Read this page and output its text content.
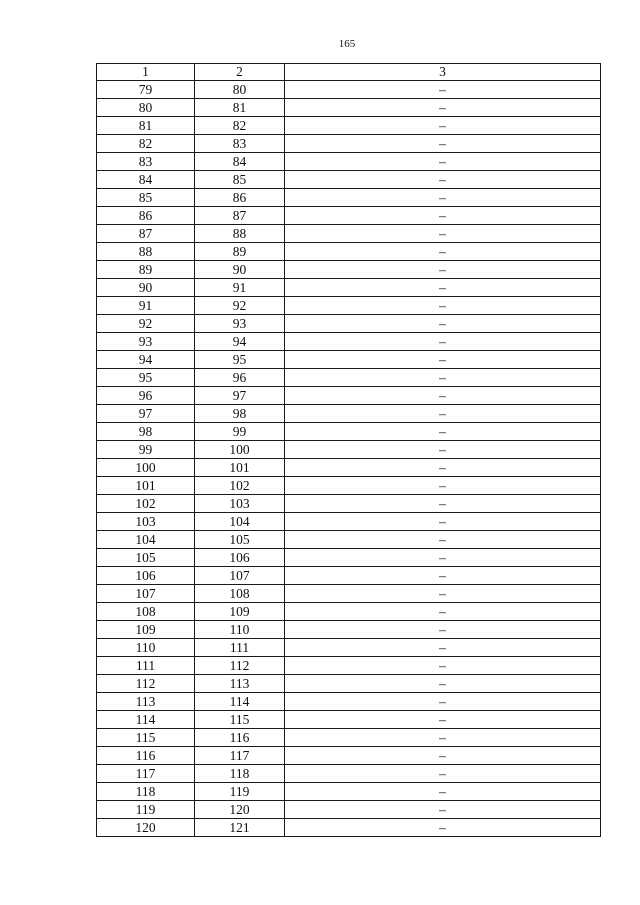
165
1	2	3
79	80	–
80	81	–
81	82	–
82	83	–
83	84	–
84	85	–
85	86	–
86	87	–
87	88	–
88	89	–
89	90	–
90	91	–
91	92	–
92	93	–
93	94	–
94	95	–
95	96	–
96	97	–
97	98	–
98	99	–
99	100	–
100	101	–
101	102	–
102	103	–
103	104	–
104	105	–
105	106	–
106	107	–
107	108	–
108	109	–
109	110	–
110	111	–
111	112	–
112	113	–
113	114	–
114	115	–
115	116	–
116	117	–
117	118	–
118	119	–
119	120	–
120	121	–
